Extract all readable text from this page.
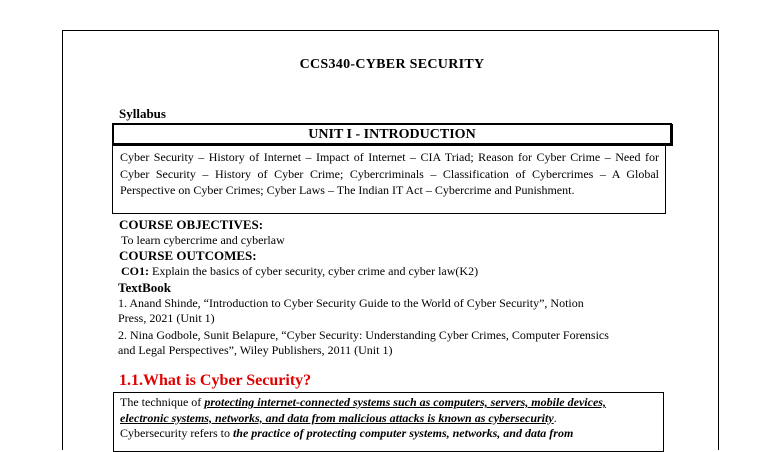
CCS340-CYBER SECURITY
Syllabus
UNIT I - INTRODUCTION
Cyber Security – History of Internet – Impact of Internet – CIA Triad; Reason for Cyber Crime – Need for Cyber Security – History of Cyber Crime; Cybercriminals – Classification of Cybercrimes – A Global Perspective on Cyber Crimes; Cyber Laws – The Indian IT Act – Cybercrime and Punishment.
COURSE OBJECTIVES:
To learn cybercrime and cyberlaw
COURSE OUTCOMES:
CO1: Explain the basics of cyber security, cyber crime and cyber law(K2)
TextBook
1. Anand Shinde, “Introduction to Cyber Security Guide to the World of Cyber Security”, Notion
Press, 2021 (Unit 1)
2. Nina Godbole, Sunit Belapure, “Cyber Security: Understanding Cyber Crimes, Computer Forensics
and Legal Perspectives”, Wiley Publishers, 2011 (Unit 1)
1.1.What is Cyber Security?
The technique of protecting internet-connected systems such as computers, servers, mobile devices,
electronic systems, networks, and data from malicious attacks is known as cybersecurity.
Cybersecurity refers to the practice of protecting computer systems, networks, and data from
